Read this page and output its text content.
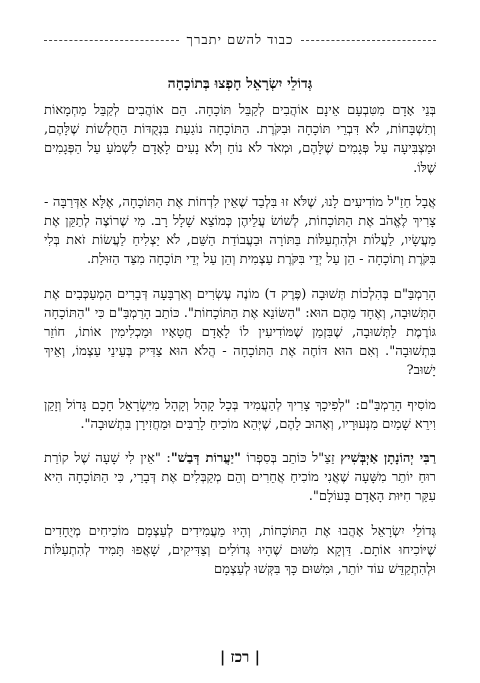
כבוד להשם יתברך
גְּדוֹלֵי יִשְׂרָאֵל חָפְצוּ בְּתוֹכָחָה

בְּנֵי אָדָם מִטִּבְעָם אֵינָם אוֹהֲבִים לְקַבֵּל תּוֹכָחָה. הֵם אוֹהֲבִים לְקַבֵּל מַחְמָאוֹת וְתִשְׁבָּחוֹת, לֹא דִּבְרֵי תּוֹכָחָה וּבִקֹּרֶת. הַתּוֹכָחָה נוֹגַעַת בִּנְקֻדּוֹת הַחֻלְשׁוֹת שֶׁלָּהֶם, וּמַצְבִּיעָה עַל פְּגָמִים שֶׁלָּהֶם, וּמְאֹד לֹא נוֹחַ וְלֹא נָעִים לָאָדָם לִשְׁמֹעַ עַל הַפְּגָמִים שֶׁלּוֹ.

אֲבָל חַזַ"ל מוֹדִיעִים לָנוּ, שֶׁלֹּא זוּ בִּלְבַד שֶׁאֵין לִדְחוֹת אֶת הַתּוֹכָחָה, אֶלָּא אַדְּרַבָּה - צָרִיךְ לֶאֱהֹב אֶת הַתּוֹכָחוֹת, לְשׁוֹשׂ עֲלֵיהֶן כְּמוֹצֵא שָׁלָל רָב. מִי שֶׁרוֹצֶה לְתַקֵּן אֶת מַעֲשָׂיו, לַעֲלוֹת וּלְהִתְעַלּוֹת בַּתּוֹרָה וּבַעֲבוֹדַת הַשֵּׁם, לֹא יַצְלִיחַ לַעֲשׂוֹת זֹאת בְּלִי בִּקֹּרֶת וְתוֹכָחָה - הֵן עַל יְדֵי בִּקֹּרֶת עַצְמִית וְהֵן עַל יְדֵי תּוֹכָחָה מִצַּד הַזּוּלַת.

הָרַמְבַּ"ם בְּהִלְכוֹת תְּשׁוּבָה (פֶּרֶק ד) מוֹנֶה עֶשְׂרִים וְאַרְבָּעָה דְּבָרִים הַמְעַכְּבִים אֶת הַתְּשׁוּבָה, וְאֶחָד מֵהֶם הוּא: "הַשּׂוֹנֵא אֶת הַתּוֹכָחוֹת". כּוֹתֵב הָרַמְבַּ"ם כִּי "הַתּוֹכָחָה גּוֹרֶמֶת לַתְּשׁוּבָה, שֶׁבִּזְמַן שֶׁמּוֹדִיעִין לוֹ לָאָדָם חֲטָאָיו וּמַכְלִימִין אוֹתוֹ, חוֹזֵר בִּתְשׁוּבָה". וְאִם הוּא דּוֹחֶה אֶת הַתּוֹכָחָה - הֲלֹא הוּא צַדִּיק בְּעֵינֵי עַצְמוֹ, וְאֵיךְ יָשׁוּב?

מוֹסִיף הָרַמְבַּ"ם: "לְפִיכָךְ צָרִיךְ לְהַעֲמִיד בְּכָל קָהָל וְקָהָל מִיִּשְׂרָאֵל חָכָם גָּדוֹל וְזָקֵן וִירֵא שָׁמַיִם מִנְּעוּרָיו, וְאָהוּב לָהֶם, שֶׁיְּהֵא מוֹכִיחַ לָרַבִּים וּמַחֲזִירָן בִּתְשׁוּבָה".

רַבִּי יְהוֹנָתָן אַיְבְּשִׁיץ זַצַ"ל כּוֹתֵב בְּסִפְרוֹ "יַעֲרוֹת דְּבַשׁ": "אֵין לִי שָׁעָה שֶׁל קוֹרַת רוּחַ יוֹתֵר מִשָּׁעָה שֶׁאֲנִי מוֹכִיחַ אֲחֵרִים וְהֵם מְקַבְּלִים אֶת דְּבָרַי, כִּי הַתּוֹכָחָה הִיא עִקַּר חִיּוּת הָאָדָם בָּעוֹלָם".

גְּדוֹלֵי יִשְׂרָאֵל אָהֲבוּ אֶת הַתּוֹכָחוֹת, וְהָיוּ מַעֲמִידִים לְעַצְמָם מוֹכִיחִים מְיֻחָדִים שֶׁיּוֹכִיחוּ אוֹתָם. דַּוְקָא מִשּׁוּם שֶׁהָיוּ גְּדוֹלִים וְצַדִּיקִים, שָׁאֲפוּ תָּמִיד לְהִתְעַלּוֹת וּלְהִתְקַדֵּשׁ עוֹד יוֹתֵר, וּמִשּׁוּם כָּךְ בִּקְּשׁוּ לְעַצְמָם

| רכז |
